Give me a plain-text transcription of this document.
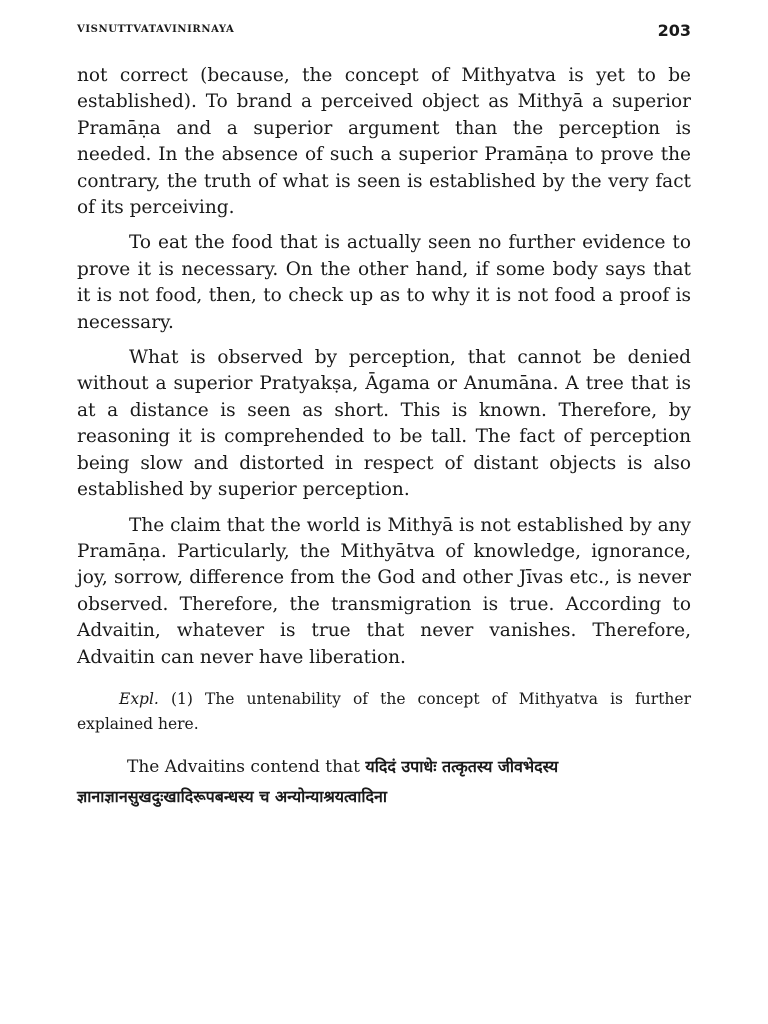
VISNUTTVATAVINIRNAYA	203

not correct (because, the concept of Mithyatva is yet to be established). To brand a perceived object as Mithyā a superior Pramāṇa and a superior argument than the perception is needed. In the absence of such a superior Pramāṇa to prove the contrary, the truth of what is seen is established by the very fact of its perceiving.

To eat the food that is actually seen no further evidence to prove it is necessary. On the other hand, if some body says that it is not food, then, to check up as to why it is not food a proof is necessary.

What is observed by perception, that cannot be denied without a superior Pratyakṣa, Āgama or Anumāna. A tree that is at a distance is seen as short. This is known. Therefore, by reasoning it is comprehended to be tall. The fact of perception being slow and distorted in respect of distant objects is also established by superior perception.

The claim that the world is Mithyā is not established by any Pramāṇa. Particularly, the Mithyātva of knowledge, ignorance, joy, sorrow, difference from the God and other Jīvas etc., is never observed. Therefore, the transmigration is true. According to Advaitin, whatever is true that never vanishes. Therefore, Advaitin can never have liberation.

Expl. (1) The untenability of the concept of Mithyatva is further explained here.

The Advaitins contend that यदिदं उपाधेः तत्कृतस्य जीवभेदस्य ज्ञानाज्ञानसुखदुःखादिरूपबन्धस्य च अन्योन्याश्रयत्वादिना
